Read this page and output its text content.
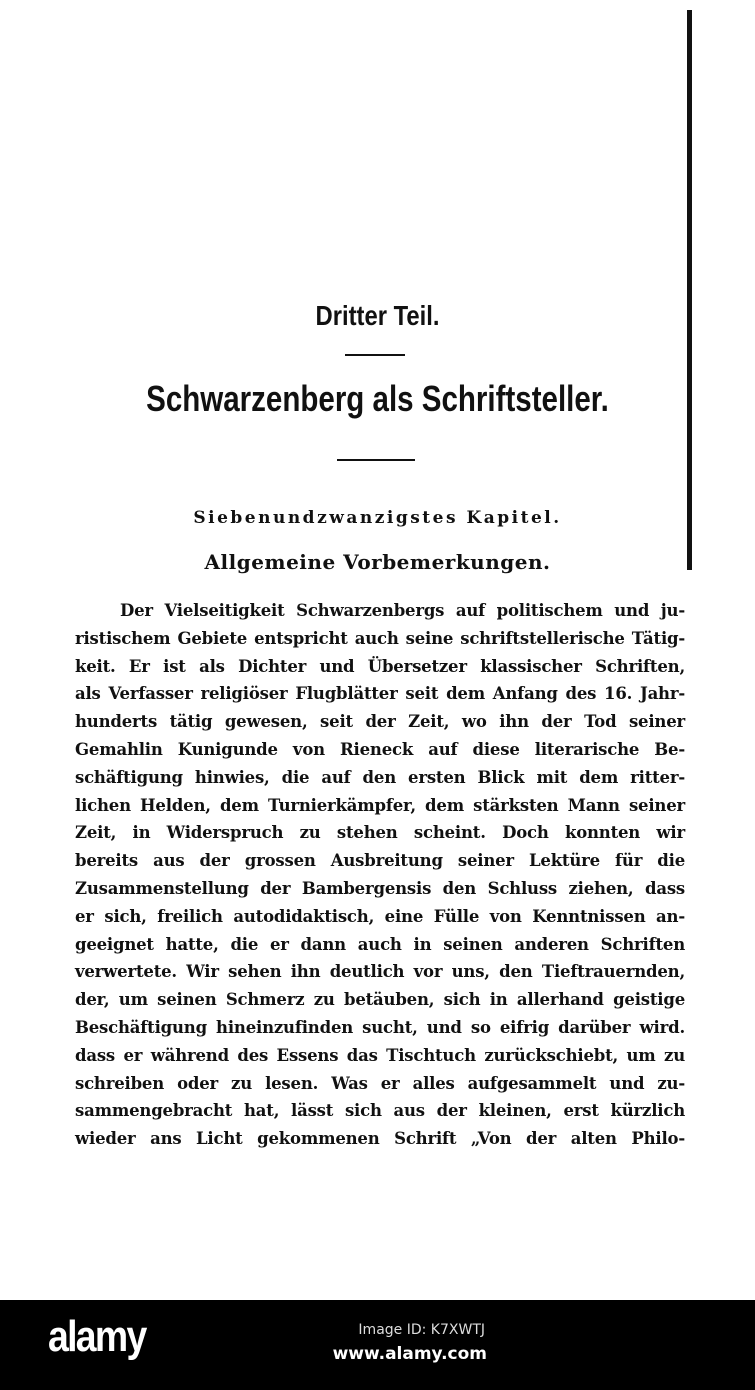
Dritter Teil.
Schwarzenberg als Schriftsteller.
Siebenundzwanzigstes Kapitel.
Allgemeine Vorbemerkungen.
Der Vielseitigkeit Schwarzenbergs auf politischem und ju-
ristischem Gebiete entspricht auch seine schriftstellerische Tätig-
keit. Er ist als Dichter und Übersetzer klassischer Schriften,
als Verfasser religiöser Flugblätter seit dem Anfang des 16. Jahr-
hunderts tätig gewesen, seit der Zeit, wo ihn der Tod seiner
Gemahlin Kunigunde von Rieneck auf diese literarische Be-
schäftigung hinwies, die auf den ersten Blick mit dem ritter-
lichen Helden, dem Turnierkämpfer, dem stärksten Mann seiner
Zeit, in Widerspruch zu stehen scheint. Doch konnten wir
bereits aus der grossen Ausbreitung seiner Lektüre für die
Zusammenstellung der Bambergensis den Schluss ziehen, dass
er sich, freilich autodidaktisch, eine Fülle von Kenntnissen an-
geeignet hatte, die er dann auch in seinen anderen Schriften
verwertete. Wir sehen ihn deutlich vor uns, den Tieftrauernden,
der, um seinen Schmerz zu betäuben, sich in allerhand geistige
Beschäftigung hineinzufinden sucht, und so eifrig darüber wird.
dass er während des Essens das Tischtuch zurückschiebt, um zu
schreiben oder zu lesen. Was er alles aufgesammelt und zu-
sammengebracht hat, lässt sich aus der kleinen, erst kürzlich
wieder ans Licht gekommenen Schrift „Von der alten Philo-
alamy	Image ID: K7XWTJ
www.alamy.com
